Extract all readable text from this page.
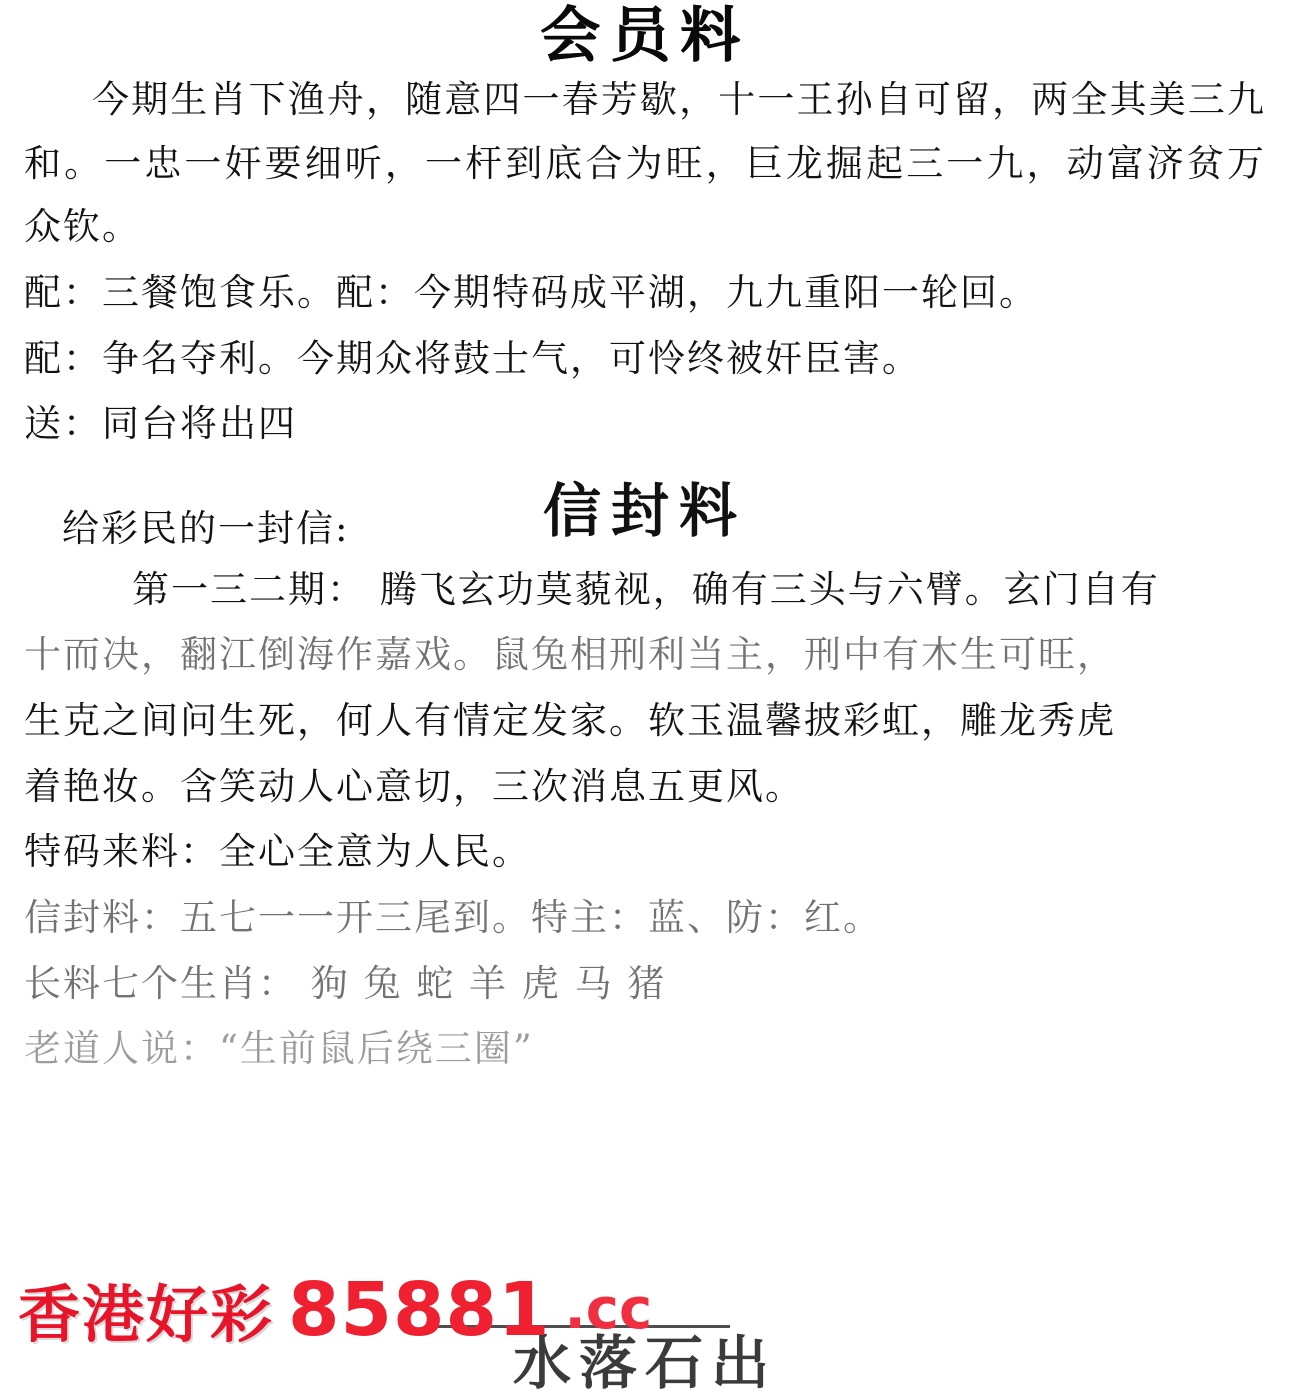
会员料
今期生肖下渔舟，随意四一春芳歇，十一王孙自可留，两全其美三九和。一忠一奸要细听，一杆到底合为旺，巨龙掘起三一九，动富济贫万众钦。
配：三餐饱食乐。配：今期特码成平湖，九九重阳一轮回。
配：争名夺利。今期众将鼓士气，可怜终被奸臣害。
送：同台将出四
给彩民的一封信:	信封料
第一三二期： 腾飞玄功莫藐视，确有三头与六臂。玄门自有
十而决，翻江倒海作嘉戏。鼠兔相刑利当主，刑中有木生可旺，
生克之间问生死，何人有情定发家。软玉温馨披彩虹，雕龙秀虎
着艳妆。含笑动人心意切，三次消息五更风。
特码来料：全心全意为人民。
信封料：五七一一开三尾到。特主：蓝、防：红。
长料七个生肖： 狗 兔 蛇 羊 虎 马 猪
老道人说：“生前鼠后绕三圈”
水落石出
香港好彩 85881 .cc
